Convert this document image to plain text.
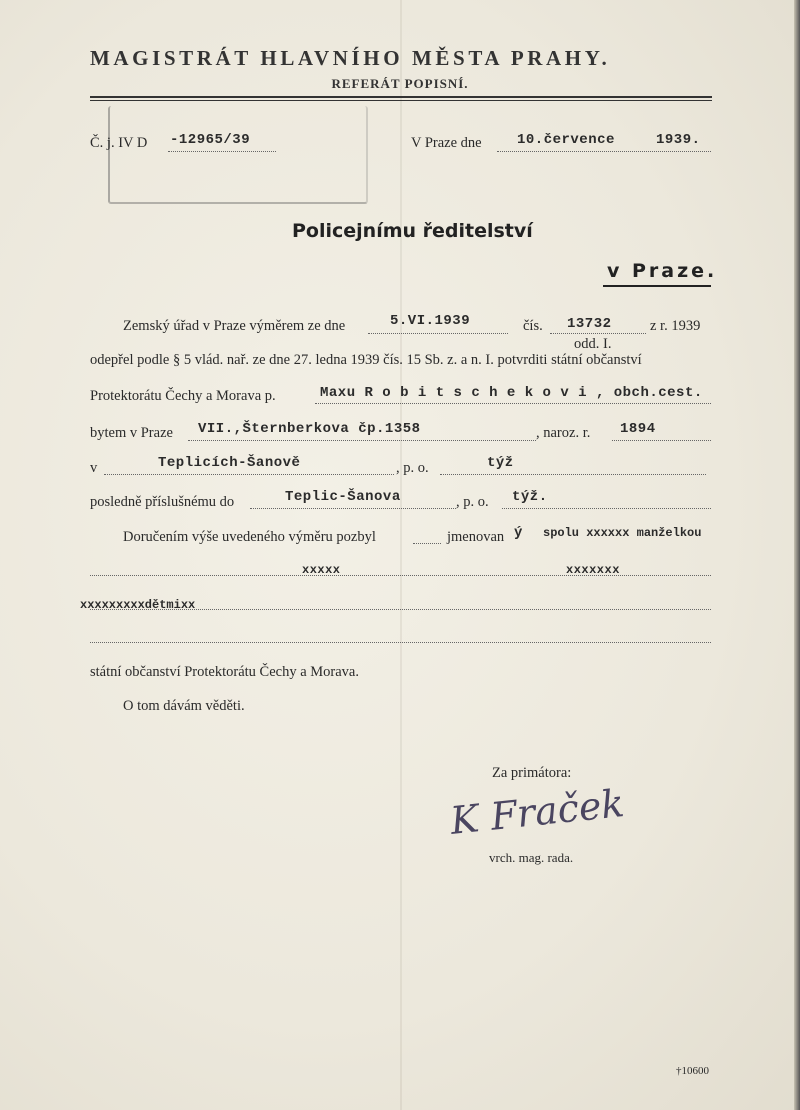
MAGISTRÁT HLAVNÍHO MĚSTA PRAHY.
REFERÁT POPISNÍ.
Č. j. IV D -12965/39	V Praze dne	10.července	1939.
Policejnímu ředitelství
v Praze.
Zemský úřad v Praze výměrem ze dne	5.VI.1939	čís. 13732	z r. 1939
odd. I.
odepřel podle § 5 vlád. nař. ze dne 27. ledna 1939 čís. 15 Sb. z. a n. I. potvrditi státní občanství
Protektorátu Čechy a Morava p.	Maxu R o b i t s c h e k o v i , obch.cest.
bytem v Praze VII.,Šternberkova čp.1358	, naroz. r. 1894
v	Teplicích-Šanově	, p. o.	týž
posledně příslušnému do	Teplic-Šanova	, p. o. týž.
Doručením výše uvedeného výměru pozbyl	jmenovan ý spolu xxxxxx manželkou
xxxxx	xxxxxxx
xxxxxxxxxdětmixx
státní občanství Protektorátu Čechy a Morava.
O tom dávám věděti.
Za primátora:
K Fraček
vrch. mag. rada.
†10600
